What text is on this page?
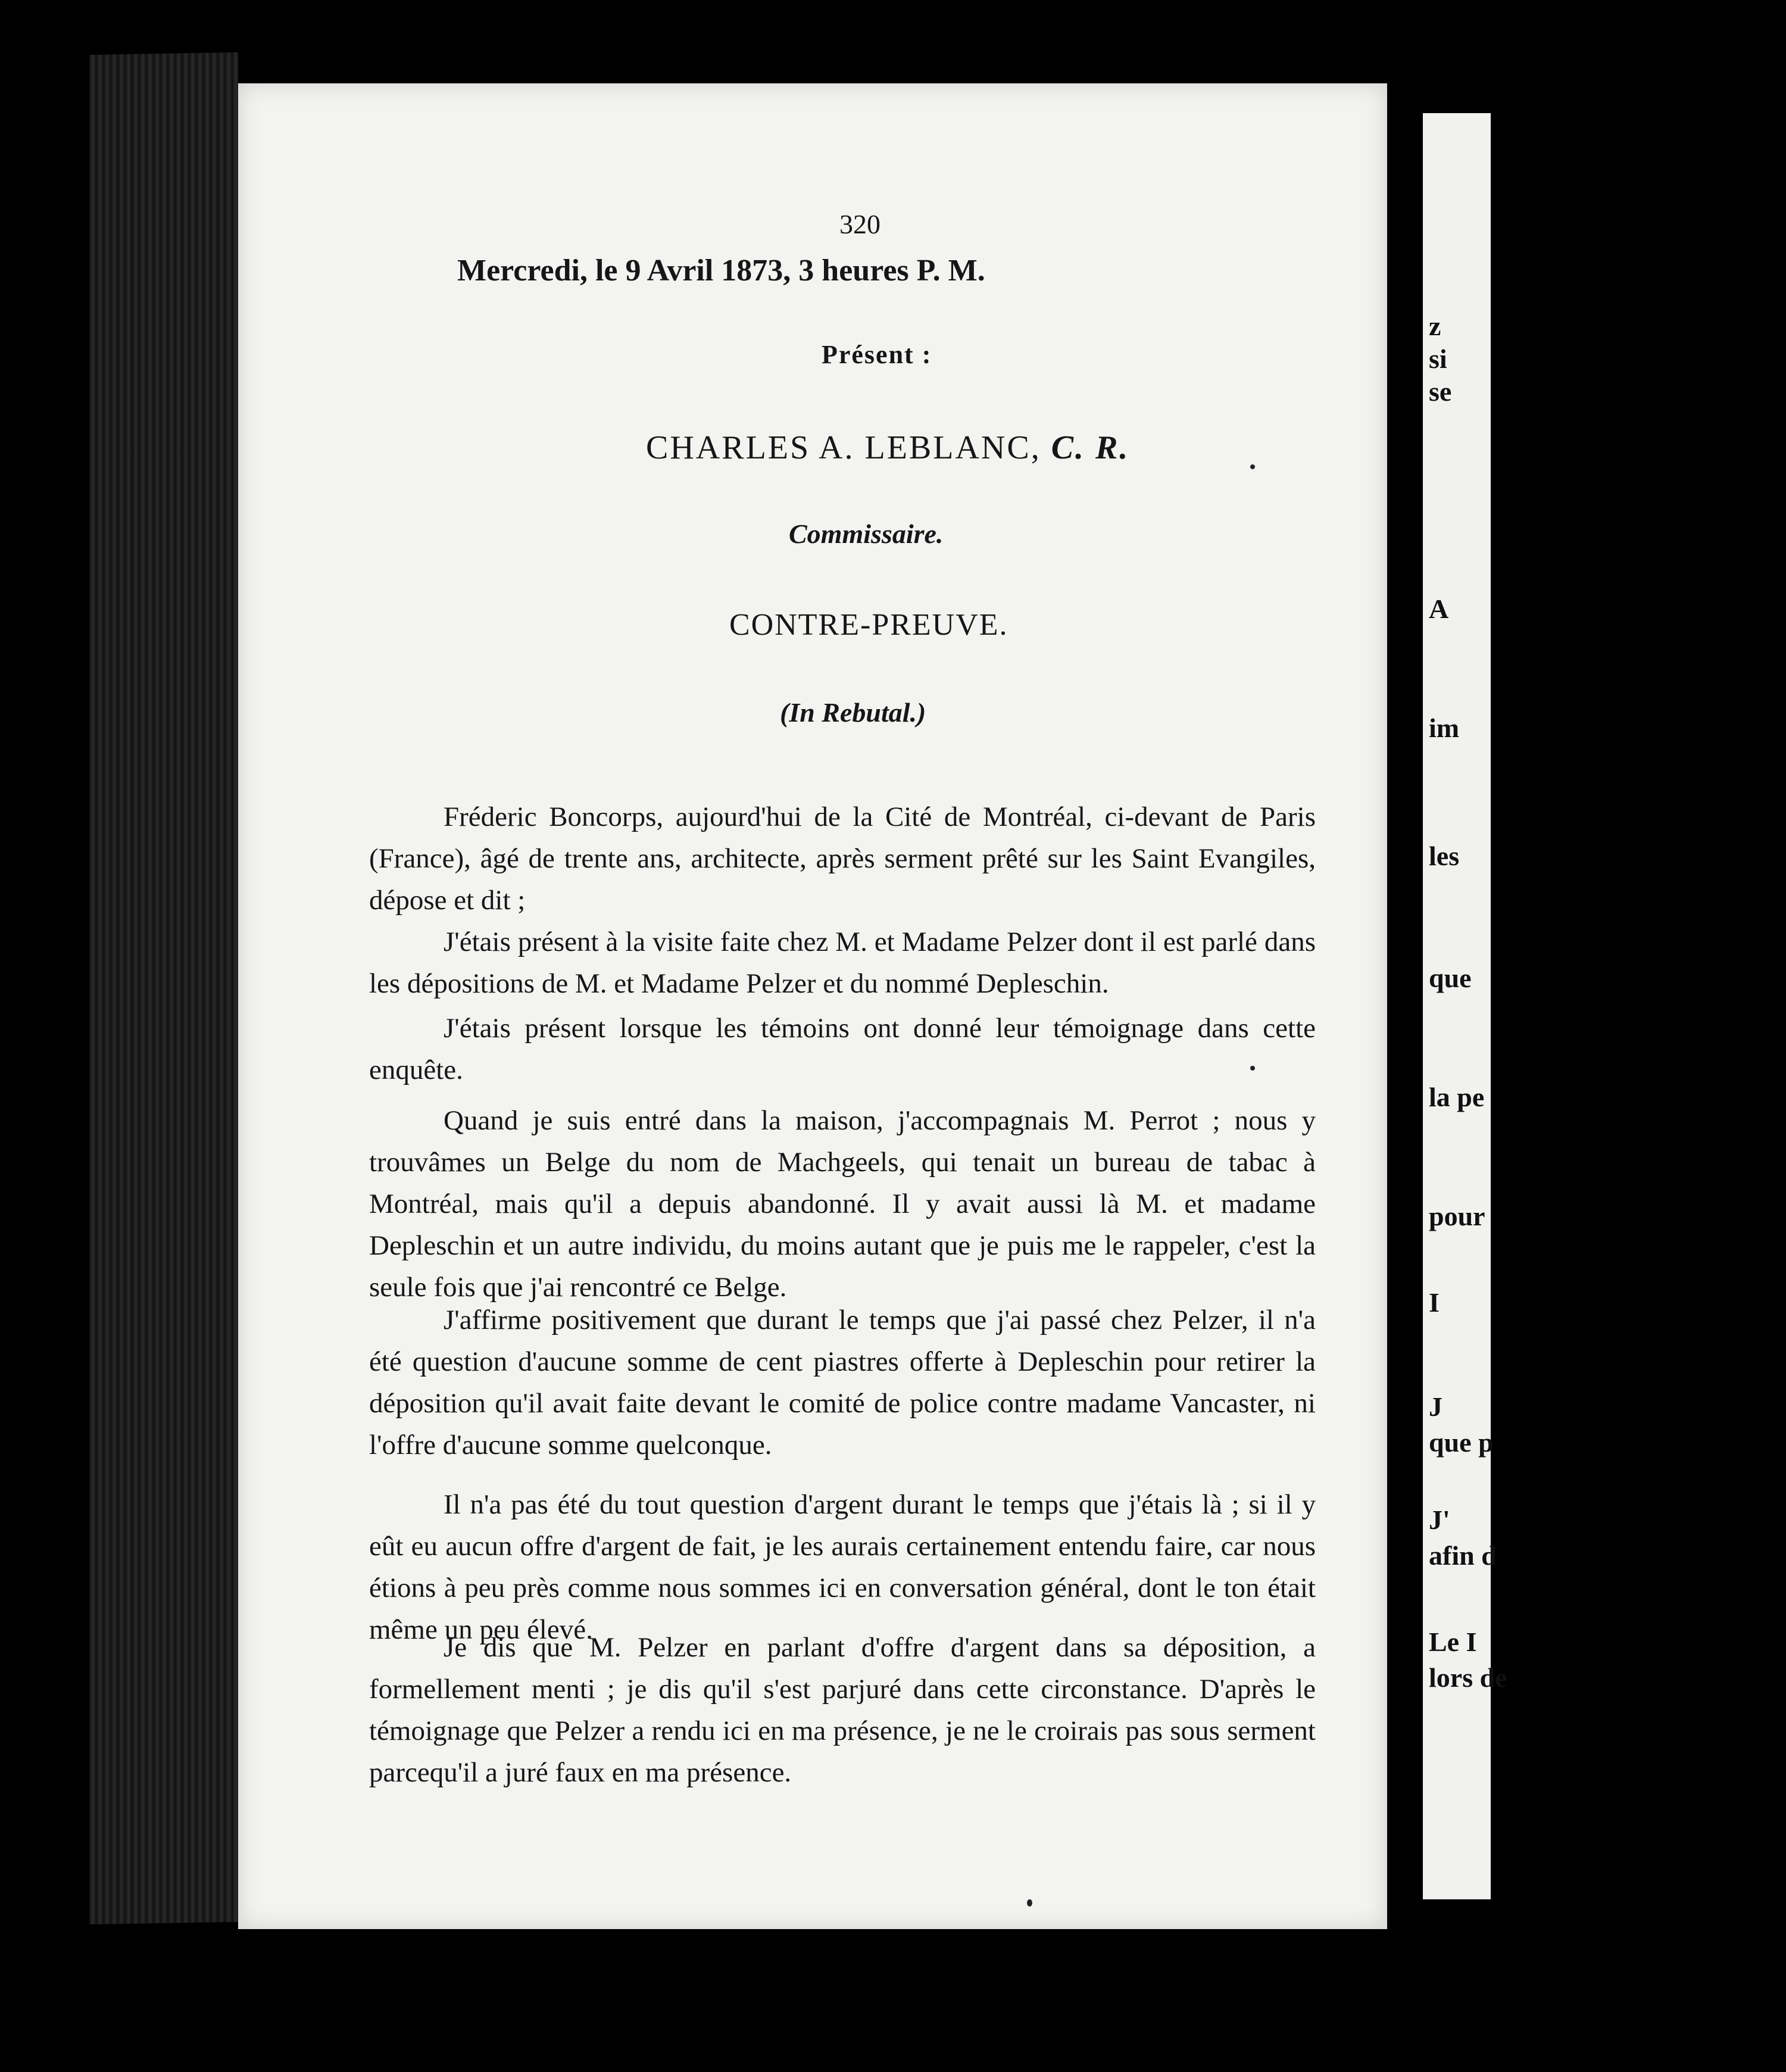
320
Mercredi, le 9 Avril 1873, 3 heures P. M.
Présent :
CHARLES A. LEBLANC, C. R.
Commissaire.
CONTRE-PREUVE.
(In Rebutal.)

Fréderic Boncorps, aujourd'hui de la Cité de Montréal, ci-devant de Paris (France), âgé de trente ans, architecte, après serment prêté sur les Saint Evangiles, dépose et dit ;

J'étais présent à la visite faite chez M. et Madame Pelzer dont il est parlé dans les dépositions de M. et Madame Pelzer et du nommé Depleschin.

J'étais présent lorsque les témoins ont donné leur témoignage dans cette enquête.

Quand je suis entré dans la maison, j'accompagnais M. Perrot ; nous y trouvâmes un Belge du nom de Machgeels, qui tenait un bureau de tabac à Montréal, mais qu'il a depuis abandonné. Il y avait aussi là M. et madame Depleschin et un autre individu, du moins autant que je puis me le rappeler, c'est la seule fois que j'ai rencontré ce Belge.

J'affirme positivement que durant le temps que j'ai passé chez Pelzer, il n'a été question d'aucune somme de cent piastres offerte à Depleschin pour retirer la déposition qu'il avait faite devant le comité de police contre madame Vancaster, ni l'offre d'aucune somme quelconque.

Il n'a pas été du tout question d'argent durant le temps que j'étais là ; si il y eût eu aucun offre d'argent de fait, je les aurais certainement entendu faire, car nous étions à peu près comme nous sommes ici en conversation général, dont le ton était même un peu élevé.

Je dis que M. Pelzer en parlant d'offre d'argent dans sa déposition, a formellement menti ; je dis qu'il s'est parjuré dans cette circonstance. D'après le témoignage que Pelzer a rendu ici en ma présence, je ne le croirais pas sous serment parcequ'il a juré faux en ma présence.

z
si
se
A
im
les
que
la pe
pour
I
J
que p
J'
afin d
Le I
lors de
